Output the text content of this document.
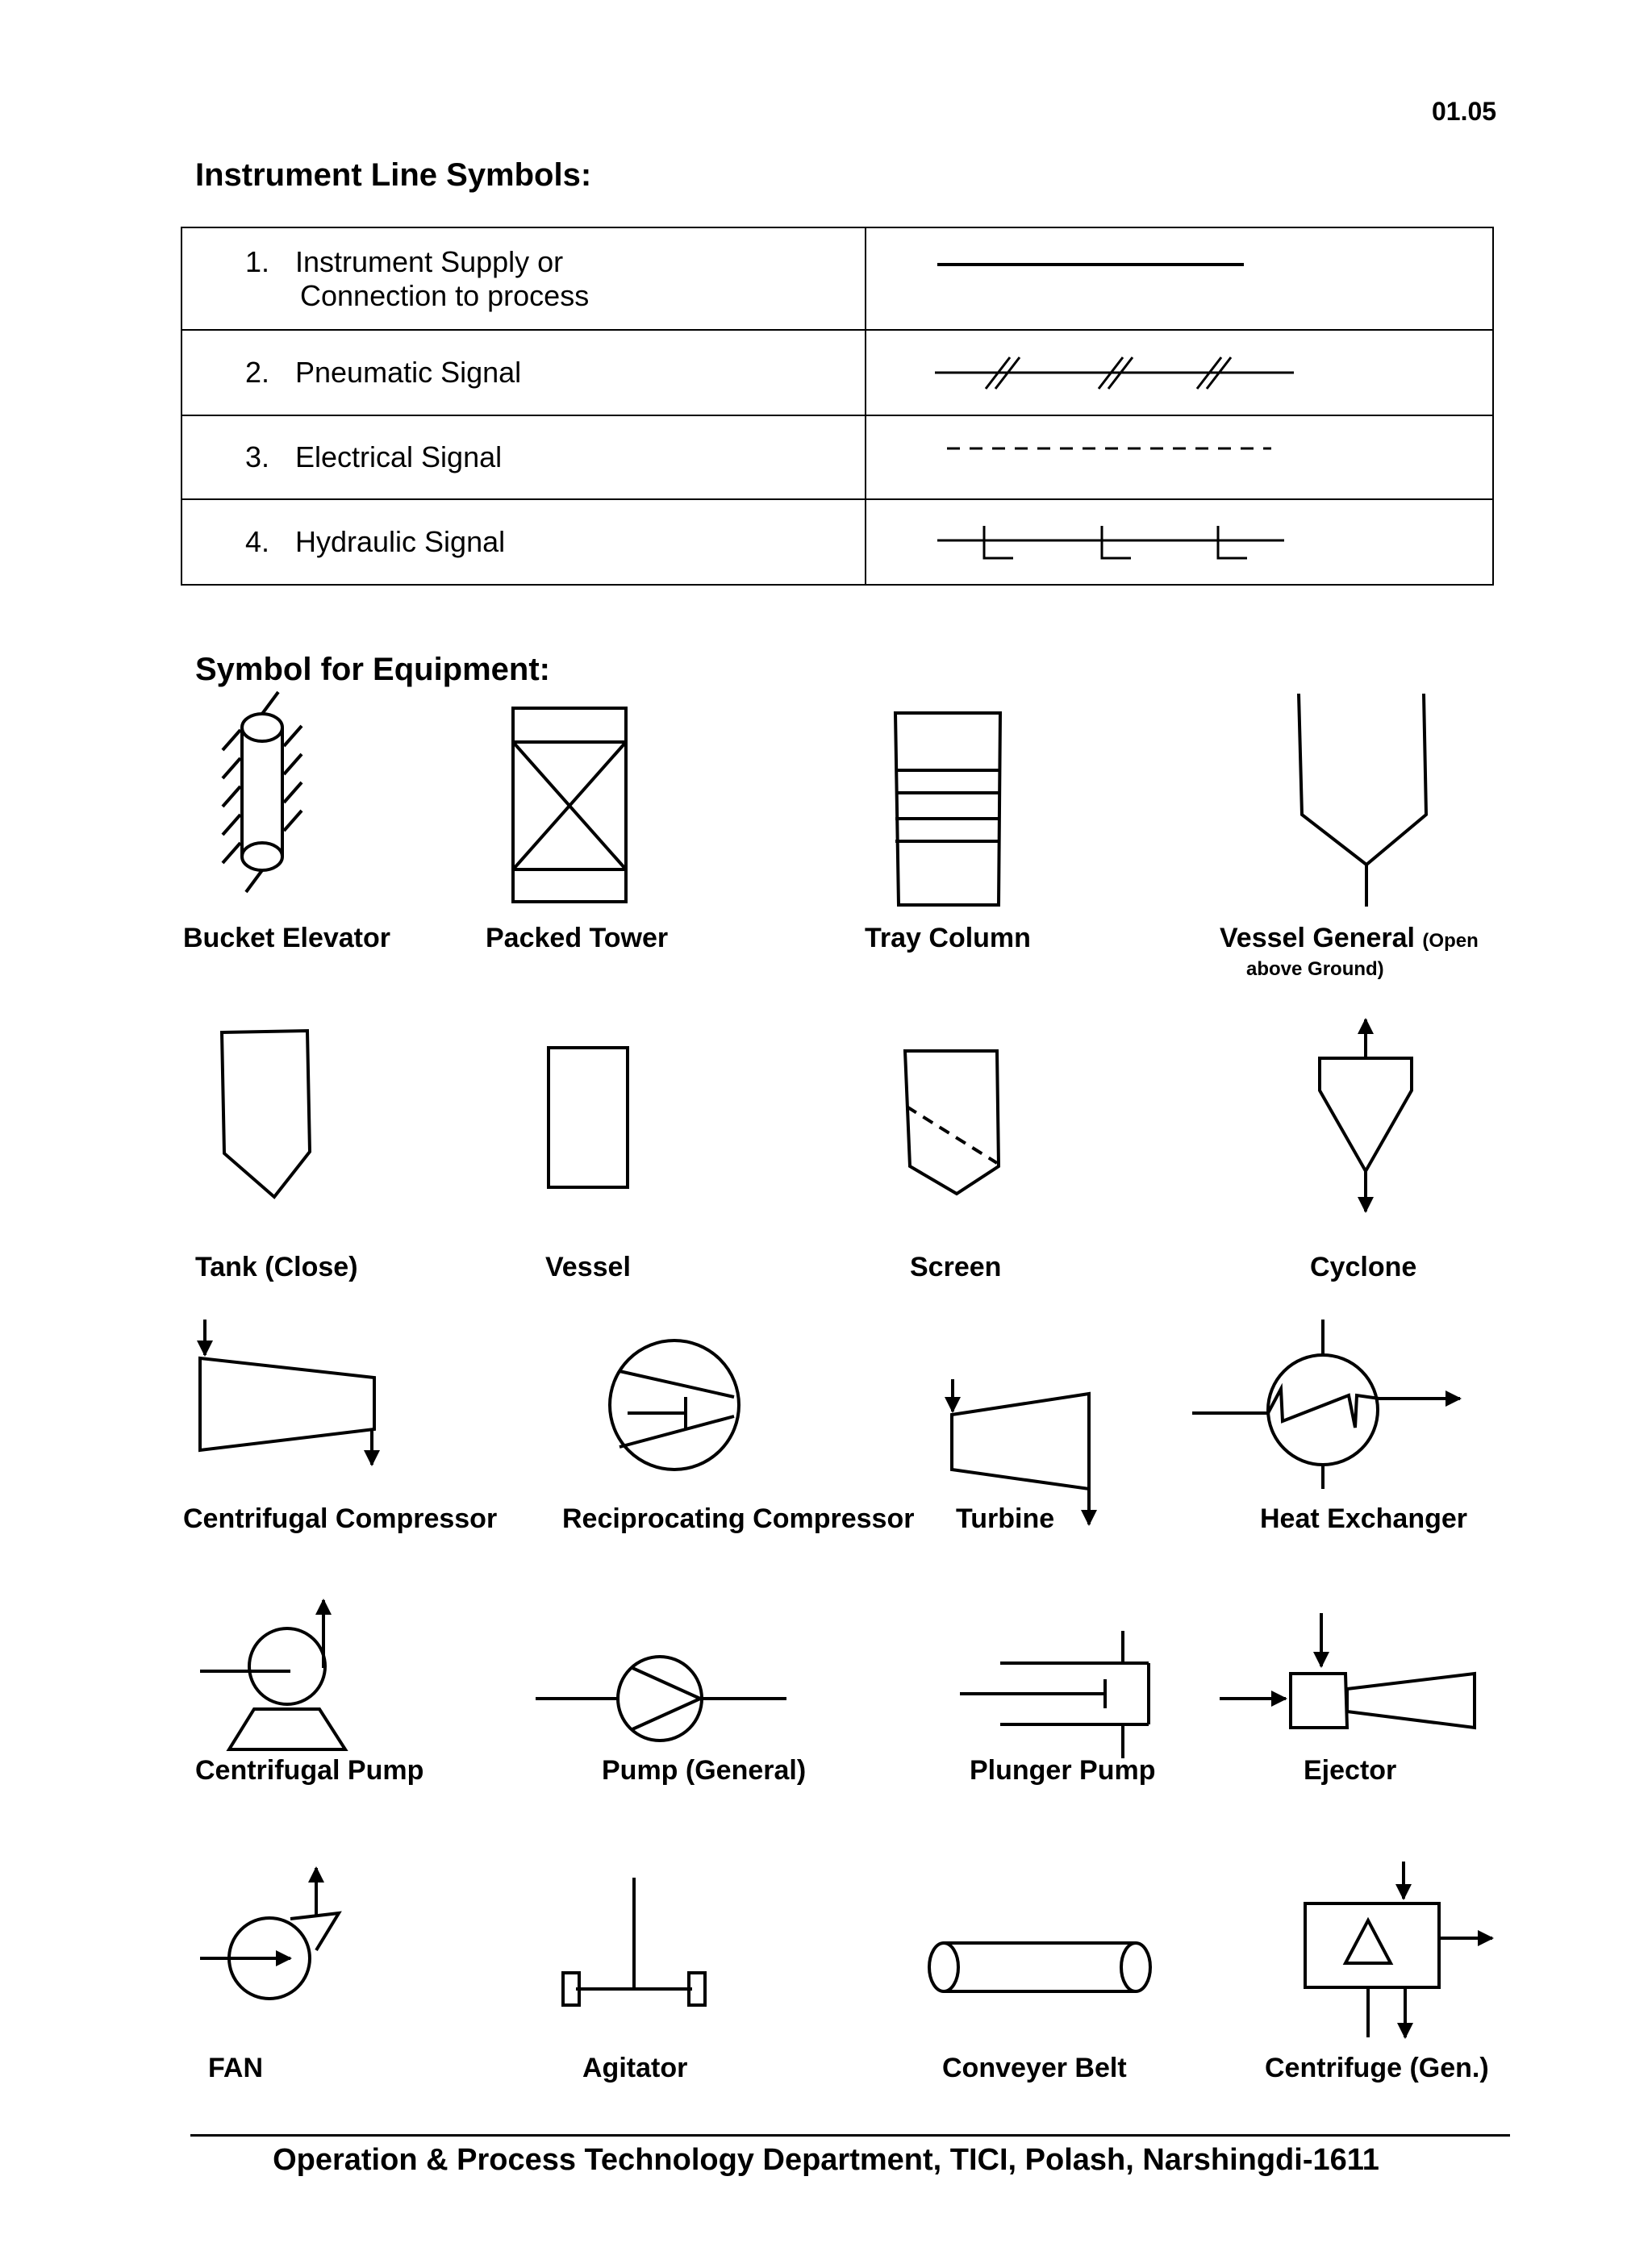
01.05
Instrument Line Symbols:
1. Instrument Supply or
Connection to process

2. Pneumatic Signal

3. Electrical Signal

4. Hydraulic Signal

Symbol for Equipment:
Bucket Elevator	Packed Tower	Tray Column	Vessel General (Open
above Ground)
Tank (Close)	Vessel	Screen	Cyclone
Centrifugal Compressor Reciprocating Compressor Turbine	Heat Exchanger
Centrifugal Pump	Pump (General)	Plunger Pump	Ejector
FAN	Agitator	Conveyer Belt	Centrifuge (Gen.)
Operation & Process Technology Department, TICI, Polash, Narshingdi-1611
